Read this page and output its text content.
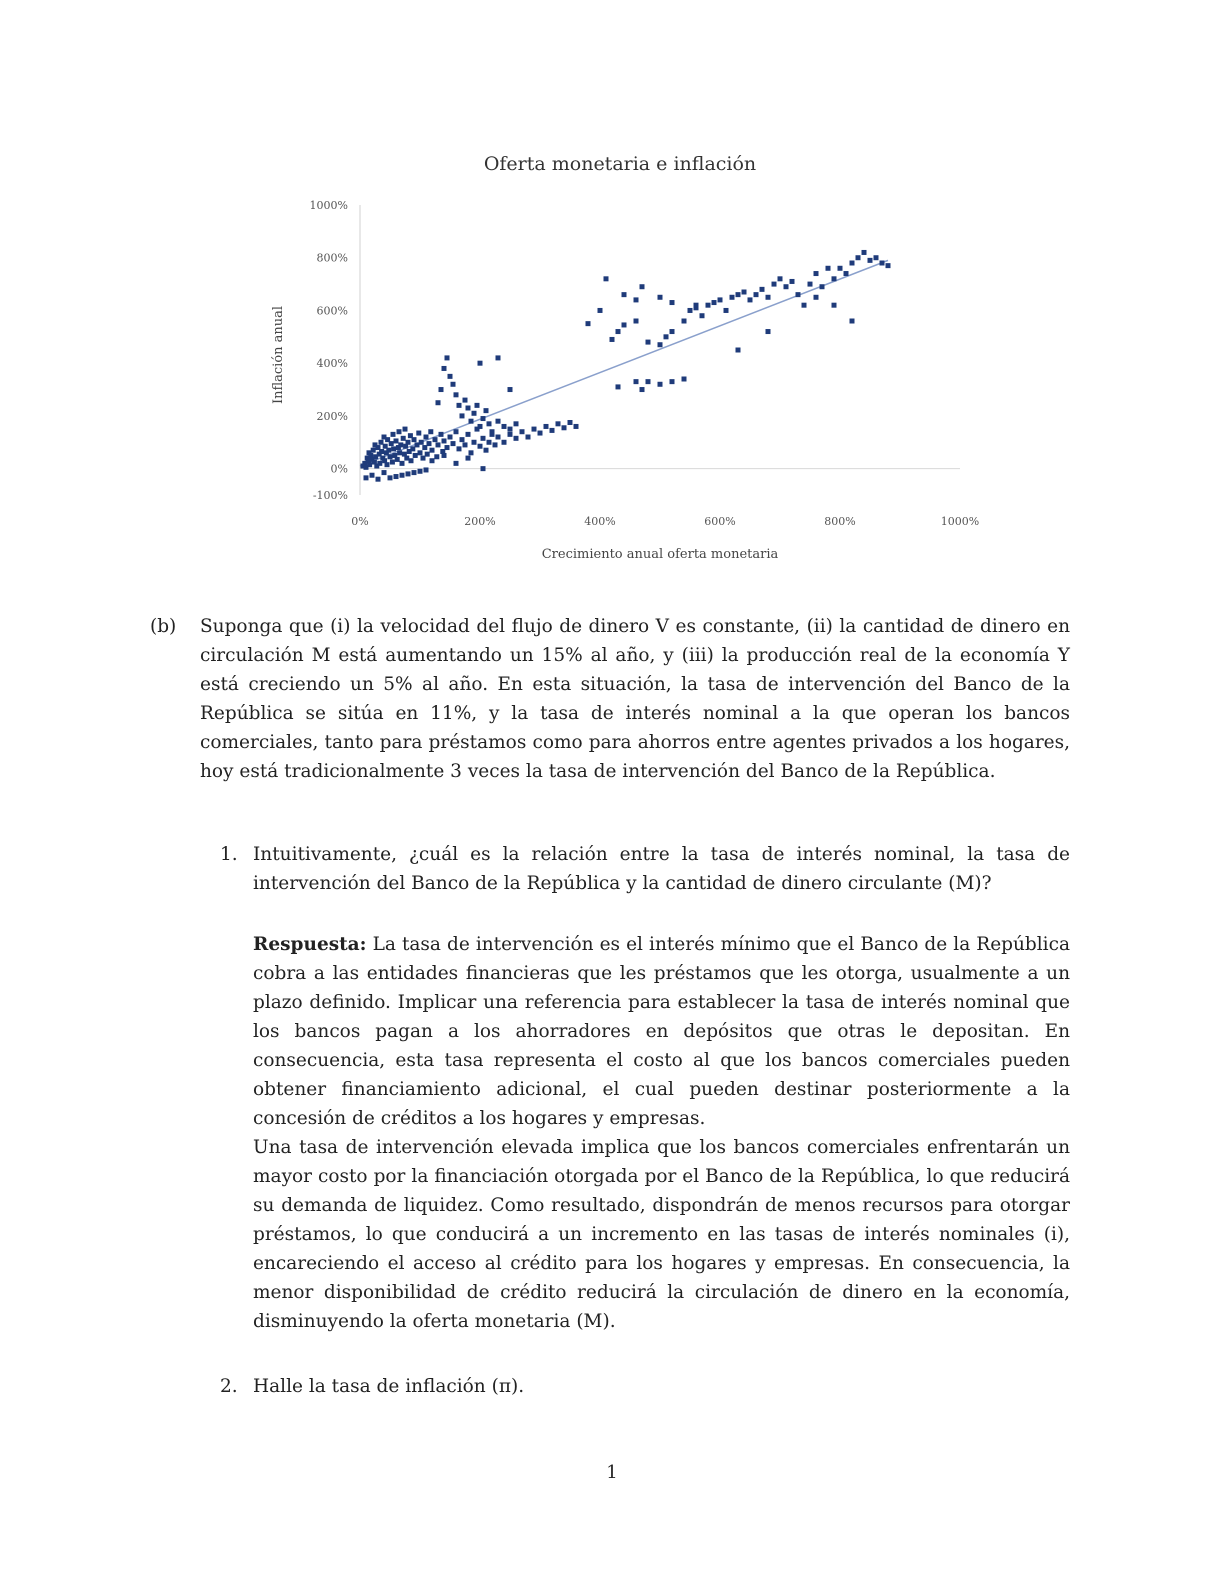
Oferta monetaria e inflación
-100%
0%
200%
400%
600%
800%
1000%
0%	200%	400%	600%	800%	1000%
Inflación anual
Crecimiento anual oferta monetaria
(b) Suponga que (i) la velocidad del flujo de dinero V es constante, (ii) la cantidad de dinero en circulación M está aumentando un 15% al año, y (iii) la producción real de la economía Y está creciendo un 5% al año. En esta situación, la tasa de intervención del Banco de la República se sitúa en 11%, y la tasa de interés nominal a la que operan los bancos comerciales, tanto para préstamos como para ahorros entre agentes privados a los hogares, hoy está tradicionalmente 3 veces la tasa de intervención del Banco de la República.
1. Intuitivamente, ¿cuál es la relación entre la tasa de interés nominal, la tasa de intervención del Banco de la República y la cantidad de dinero circulante (M)?

Respuesta: La tasa de intervención es el interés mínimo que el Banco de la República cobra a las entidades financieras que les préstamos que les otorga, usualmente a un plazo definido. Implicar una referencia para establecer la tasa de interés nominal que los bancos pagan a los ahorradores en depósitos que otras le depositan. En consecuencia, esta tasa representa el costo al que los bancos comerciales pueden obtener financiamiento adicional, el cual pueden destinar posteriormente a la concesión de créditos a los hogares y empresas.

Una tasa de intervención elevada implica que los bancos comerciales enfrentarán un mayor costo por la financiación otorgada por el Banco de la República, lo que reducirá su demanda de liquidez. Como resultado, dispondrán de menos recursos para otorgar préstamos, lo que conducirá a un incremento en las tasas de interés nominales (i), encareciendo el acceso al crédito para los hogares y empresas. En consecuencia, la menor disponibilidad de crédito reducirá la circulación de dinero en la economía, disminuyendo la oferta monetaria (M).

2. Halle la tasa de inflación (π).
1
